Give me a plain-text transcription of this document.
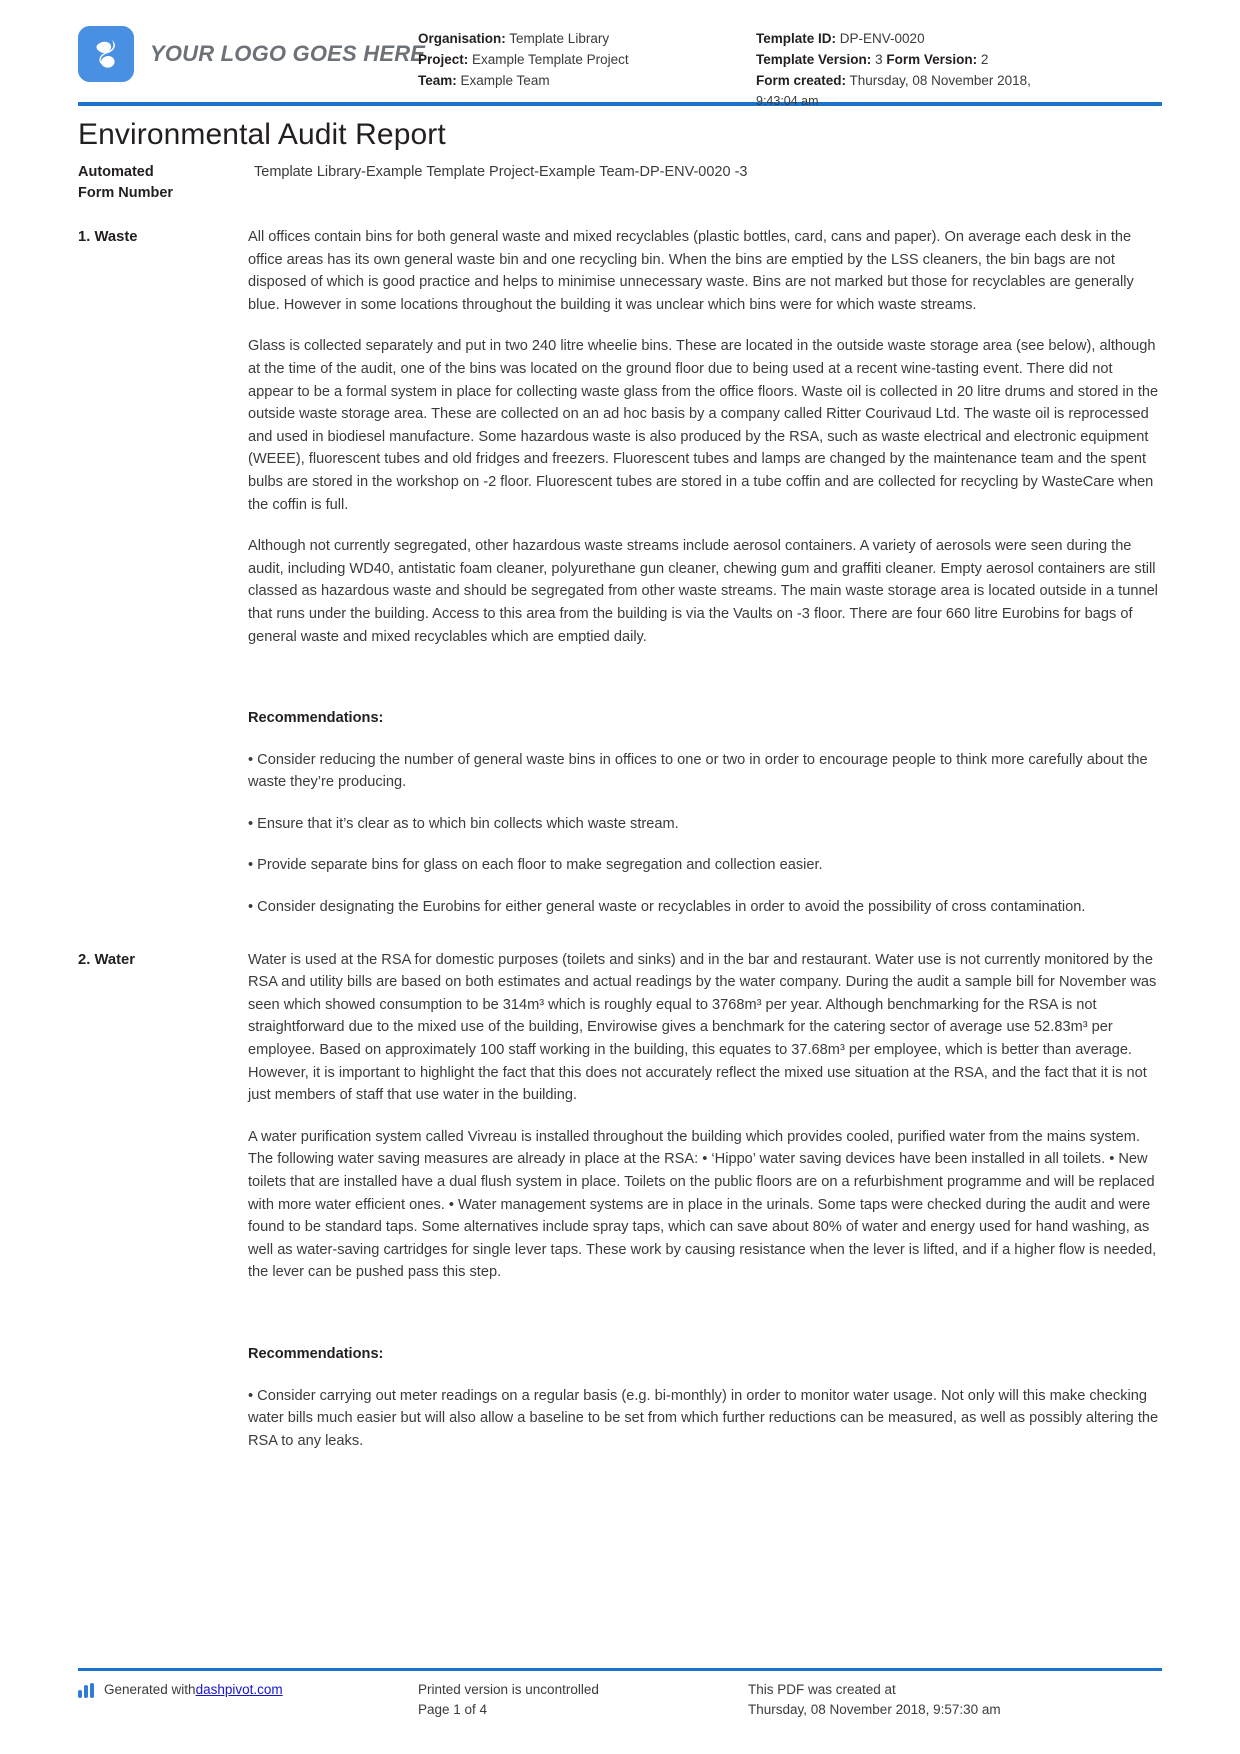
YOUR LOGO GOES HERE
Organisation: Template Library
Project: Example Template Project
Team: Example Team
Template ID: DP-ENV-0020
Template Version: 3 Form Version: 2
Form created: Thursday, 08 November 2018,
9:43:04 am
Environmental Audit Report
Automated
Form Number
Template Library-Example Template Project-Example Team-DP-ENV-0020 -3
1. Waste	All offices contain bins for both general waste and mixed recyclables (plastic bottles, card, cans and paper). On average each desk in the office areas has its own general waste bin and one recycling bin. When the bins are emptied by the LSS cleaners, the bin bags are not disposed of which is good practice and helps to minimise unnecessary waste. Bins are not marked but those for recyclables are generally blue. However in some locations throughout the building it was unclear which bins were for which waste streams.

Glass is collected separately and put in two 240 litre wheelie bins. These are located in the outside waste storage area (see below), although at the time of the audit, one of the bins was located on the ground floor due to being used at a recent wine-tasting event. There did not appear to be a formal system in place for collecting waste glass from the office floors. Waste oil is collected in 20 litre drums and stored in the outside waste storage area. These are collected on an ad hoc basis by a company called Ritter Courivaud Ltd. The waste oil is reprocessed and used in biodiesel manufacture. Some hazardous waste is also produced by the RSA, such as waste electrical and electronic equipment (WEEE), fluorescent tubes and old fridges and freezers. Fluorescent tubes and lamps are changed by the maintenance team and the spent bulbs are stored in the workshop on -2 floor. Fluorescent tubes are stored in a tube coffin and are collected for recycling by WasteCare when the coffin is full.

Although not currently segregated, other hazardous waste streams include aerosol containers. A variety of aerosols were seen during the audit, including WD40, antistatic foam cleaner, polyurethane gun cleaner, chewing gum and graffiti cleaner. Empty aerosol containers are still classed as hazardous waste and should be segregated from other waste streams. The main waste storage area is located outside in a tunnel that runs under the building. Access to this area from the building is via the Vaults on -3 floor. There are four 660 litre Eurobins for bags of general waste and mixed recyclables which are emptied daily.

Recommendations:

• Consider reducing the number of general waste bins in offices to one or two in order to encourage people to think more carefully about the waste they’re producing.

• Ensure that it’s clear as to which bin collects which waste stream.

• Provide separate bins for glass on each floor to make segregation and collection easier.

• Consider designating the Eurobins for either general waste or recyclables in order to avoid the possibility of cross contamination.

2. Water	Water is used at the RSA for domestic purposes (toilets and sinks) and in the bar and restaurant. Water use is not currently monitored by the RSA and utility bills are based on both estimates and actual readings by the water company. During the audit a sample bill for November was seen which showed consumption to be 314m³ which is roughly equal to 3768m³ per year. Although benchmarking for the RSA is not straightforward due to the mixed use of the building, Envirowise gives a benchmark for the catering sector of average use 52.83m³ per employee. Based on approximately 100 staff working in the building, this equates to 37.68m³ per employee, which is better than average. However, it is important to highlight the fact that this does not accurately reflect the mixed use situation at the RSA, and the fact that it is not just members of staff that use water in the building.

A water purification system called Vivreau is installed throughout the building which provides cooled, purified water from the mains system. The following water saving measures are already in place at the RSA: • ‘Hippo’ water saving devices have been installed in all toilets. • New toilets that are installed have a dual flush system in place. Toilets on the public floors are on a refurbishment programme and will be replaced with more water efficient ones. • Water management systems are in place in the urinals. Some taps were checked during the audit and were found to be standard taps. Some alternatives include spray taps, which can save about 80% of water and energy used for hand washing, as well as water-saving cartridges for single lever taps. These work by causing resistance when the lever is lifted, and if a higher flow is needed, the lever can be pushed pass this step.

Recommendations:

• Consider carrying out meter readings on a regular basis (e.g. bi-monthly) in order to monitor water usage. Not only will this make checking water bills much easier but will also allow a baseline to be set from which further reductions can be measured, as well as possibly altering the RSA to any leaks.

Generated with dashpivot.com	Printed version is uncontrolled
Page 1 of 4
This PDF was created at
Thursday, 08 November 2018, 9:57:30 am
